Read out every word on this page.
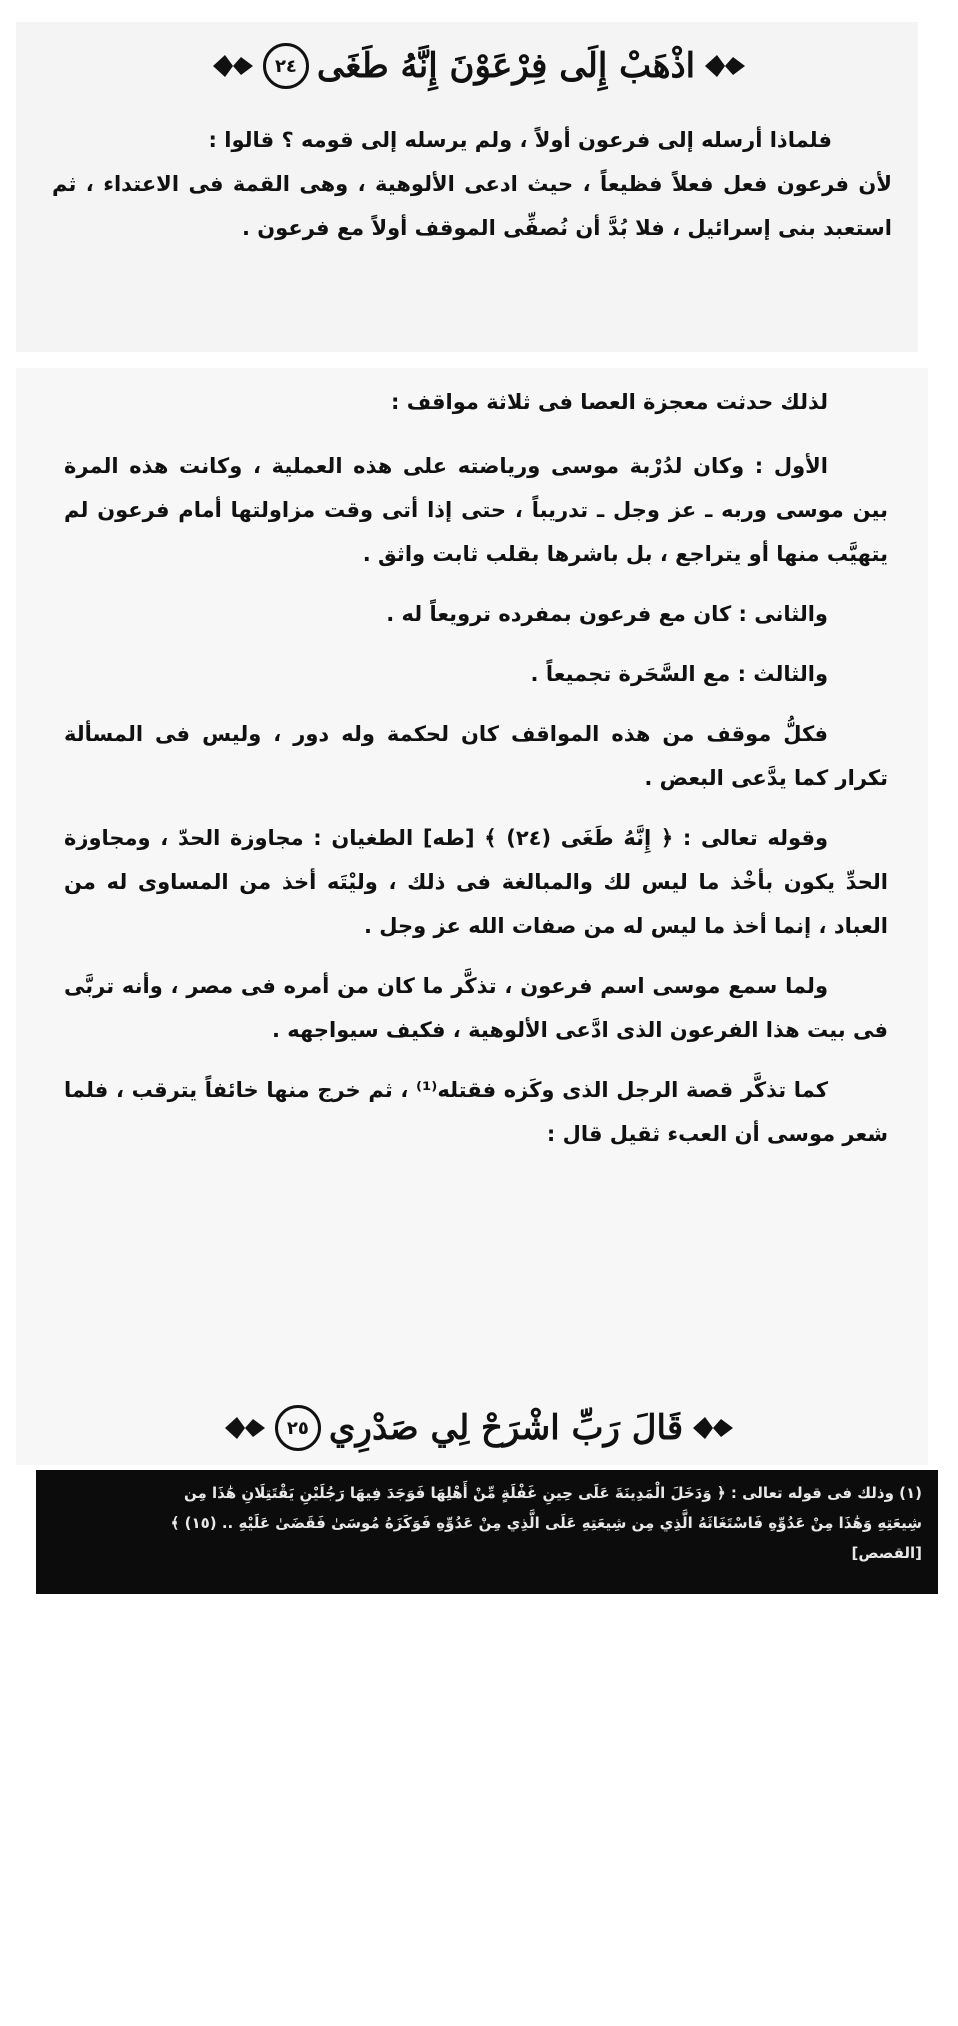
اذْهَبْ إِلَى فِرْعَوْنَ إِنَّهُ طَغَى
٢٤

فلماذا أرسله إلى فرعون أولاً ، ولم يرسله إلى قومه ؟ قالوا :

لأن فرعون فعل فعلاً فظيعاً ، حيث ادعى الألوهية ، وهى القمة فى الاعتداء ، ثم استعبد بنى إسرائيل ، فلا بُدَّ أن نُصفِّى الموقف أولاً مع فرعون .

لذلك حدثت معجزة العصا فى ثلاثة مواقف :

الأول : وكان لدُرْبة موسى ورياضته على هذه العملية ، وكانت هذه المرة بين موسى وربه ـ عز وجل ـ تدريباً ، حتى إذا أتى وقت مزاولتها أمام فرعون لم يتهيَّب منها أو يتراجع ، بل باشرها بقلب ثابت واثق .

والثانى : كان مع فرعون بمفرده ترويعاً له .

والثالث : مع السَّحَرة تجميعاً .

فكلُّ موقف من هذه المواقف كان لحكمة وله دور ، وليس فى المسألة تكرار كما يدَّعى البعض .

وقوله تعالى : ﴿ إِنَّهُ طَغَى (٢٤) ﴾ [طه] الطغيان : مجاوزة الحدّ ، ومجاوزة الحدِّ يكون بأخْذ ما ليس لك والمبالغة فى ذلك ، وليْتَه أخذ من المساوى له من العباد ، إنما أخذ ما ليس له من صفات الله عز وجل .

ولما سمع موسى اسم فرعون ، تذكَّر ما كان من أمره فى مصر ، وأنه تربَّى فى بيت هذا الفرعون الذى ادَّعى الألوهية ، فكيف سيواجهه .

كما تذكَّر قصة الرجل الذى وكَزه فقتله⁽¹⁾ ، ثم خرج منها خائفاً يترقب ، فلما شعر موسى أن العبء ثقيل قال :

قَالَ رَبِّ اشْرَحْ لِي صَدْرِي
٢٥
(١) وذلك فى قوله تعالى : ﴿ وَدَخَلَ الْمَدِينَةَ عَلَى حِينِ غَفْلَةٍ مِّنْ أَهْلِهَا فَوَجَدَ فِيهَا رَجُلَيْنِ يَقْتَتِلَانِ هَٰذَا مِن
شِيعَتِهِ وَهَٰذَا مِنْ عَدُوِّهِ فَاسْتَغَاثَهُ الَّذِي مِن شِيعَتِهِ عَلَى الَّذِي مِنْ عَدُوِّهِ فَوَكَزَهُ مُوسَىٰ فَقَضَىٰ عَلَيْهِ .. (١٥) ﴾
[القصص]
